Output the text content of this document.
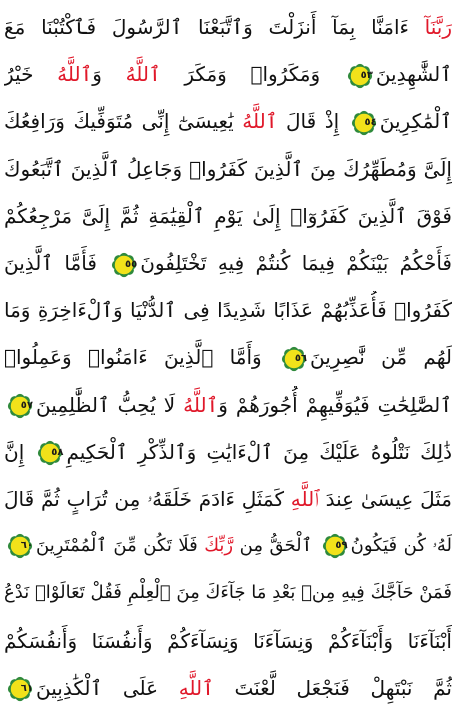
رَبَّنَآ ءَامَنَّا بِمَآ أَنزَلْتَ وَٱتَّبَعْنَا ٱلرَّسُولَ فَٱكْتُبْنَا مَعَ
ٱلشَّٰهِدِينَ
٥٣
وَمَكَرُوا۟ وَمَكَرَ ٱللَّهُ وَٱللَّهُ خَيْرُ
ٱلْمَٰكِرِينَ
٥٤
إِذْ قَالَ ٱللَّهُ يَٰعِيسَىٰٓ إِنِّى مُتَوَفِّيكَ وَرَافِعُكَ
إِلَىَّ وَمُطَهِّرُكَ مِنَ ٱلَّذِينَ كَفَرُوا۟ وَجَاعِلُ ٱلَّذِينَ ٱتَّبَعُوكَ
فَوْقَ ٱلَّذِينَ كَفَرُوٓا۟ إِلَىٰ يَوْمِ ٱلْقِيَٰمَةِ ثُمَّ إِلَىَّ مَرْجِعُكُمْ
فَأَحْكُمُ بَيْنَكُمْ فِيمَا كُنتُمْ فِيهِ تَخْتَلِفُونَ
٥٥
فَأَمَّا ٱلَّذِينَ
كَفَرُوا۟ فَأُعَذِّبُهُمْ عَذَابًا شَدِيدًا فِى ٱلدُّنْيَا وَٱلْءَاخِرَةِ وَمَا
لَهُم مِّن نَّٰصِرِينَ
٥٦
وَأَمَّا ٱلَّذِينَ ءَامَنُوا۟ وَعَمِلُوا۟
ٱلصَّٰلِحَٰتِ فَيُوَفِّيهِمْ أُجُورَهُمْ وَٱللَّهُ لَا يُحِبُّ ٱلظَّٰلِمِينَ
٥٧
ذَٰلِكَ نَتْلُوهُ عَلَيْكَ مِنَ ٱلْءَايَٰتِ وَٱلذِّكْرِ ٱلْحَكِيمِ
٥٨
إِنَّ
مَثَلَ عِيسَىٰ عِندَ ٱللَّهِ كَمَثَلِ ءَادَمَ خَلَقَهُۥ مِن تُرَابٍ ثُمَّ قَالَ
لَهُۥ كُن فَيَكُونُ
٥٩
ٱلْحَقُّ مِن رَّبِّكَ فَلَا تَكُن مِّنَ ٱلْمُمْتَرِينَ
٦٠
فَمَنْ حَآجَّكَ فِيهِ مِنۢ بَعْدِ مَا جَآءَكَ مِنَ ٱلْعِلْمِ فَقُلْ تَعَالَوْا۟ نَدْعُ
أَبْنَآءَنَا وَأَبْنَآءَكُمْ وَنِسَآءَنَا وَنِسَآءَكُمْ وَأَنفُسَنَا وَأَنفُسَكُمْ
ثُمَّ نَبْتَهِلْ فَنَجْعَل لَّعْنَتَ ٱللَّهِ عَلَى ٱلْكَٰذِبِينَ
٦١
